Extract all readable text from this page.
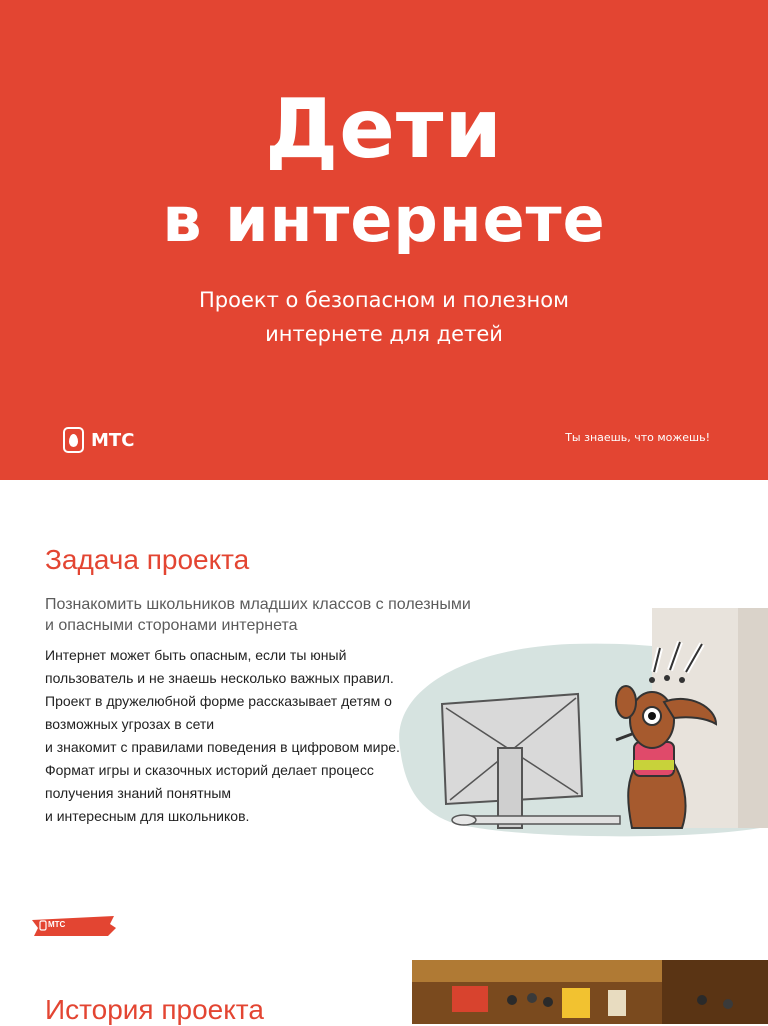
Дети
в интернете
Проект о безопасном и полезном
интернете для детей
МТС	Ты знаешь, что можешь!
Задача проекта
Познакомить школьников младших классов с полезными и опасными сторонами интернета
Интернет может быть опасным, если ты юный пользователь и не знаешь несколько важных правил. Проект в дружелюбной форме рассказывает детям о возможных угрозах в сети
и знакомит с правилами поведения в цифровом мире. Формат игры и сказочных историй делает процесс получения знаний понятным
и интересным для школьников.
МТС
История проекта
